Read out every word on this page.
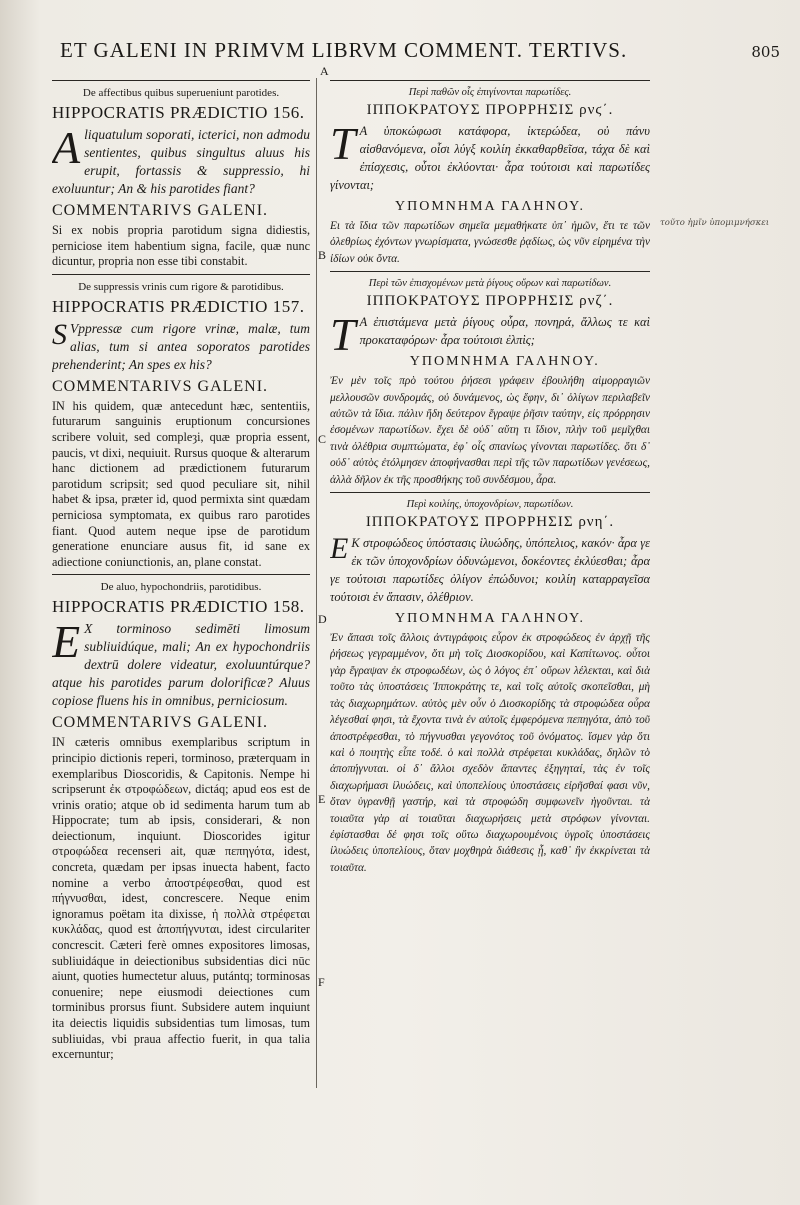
ET GALENI IN PRIMVM LIBRVM COMMENT. TERTIVS.	805
A
B
C
D
E
F
τοῦτο ἡμῖν ὑπομιμνήσκει
De affectibus quibus superueniunt parotides.
HIPPOCRATIS PRÆDICTIO 156.
A liquatulum soporati, icterici, non admodu sentientes, quibus singultus aluus his erupit, fortassis & suppressio, hi exoluuntur; An & his parotides fiant?
COMMENTARIVS GALENI.
Si ex nobis propria parotidum signa didiestis, perniciose item habentium signa, facile, quæ nunc dicuntur, propria non esse tibi constabit.
De suppressis vrinis cum rigore & parotidibus.
HIPPOCRATIS PRÆDICTIO 157.
S Vppressæ cum rigore vrinæ, malæ, tum alias, tum si antea soporatos parotides prehenderint; An spes ex his?
COMMENTARIVS GALENI.
IN his quidem, quæ antecedunt hæc, sententiis, futurarum sanguinis eruptionum concursiones scribere voluit, sed compleȝi, quæ propria essent, paucis, vt dixi, nequiuit. Rursus quoque & alterarum hanc dictionem ad prædictionem futurarum parotidum scripsit; sed quod peculiare sit, nihil habet & ipsa, præter id, quod permixta sint quædam perniciosa symptomata, ex quibus raro parotides fiant. Quod autem neque ipse de parotidum generatione enunciare ausus fit, id sane ex adiectione coniunctionis, an, plane constat.
De aluo, hypochondriis, parotidibus.
HIPPOCRATIS PRÆDICTIO 158.
E X torminoso sedimēti limosum subliuidúque, mali; An ex hypochondriis dextrū dolere videatur, exoluuntúrque? atque his parotides parum dolorificæ? Aluus copiose fluens his in omnibus, perniciosum.
COMMENTARIVS GALENI.
IN cæteris omnibus exemplaribus scriptum in principio dictionis reperi, torminoso, præterquam in exemplaribus Dioscoridis, & Capitonis. Nempe hi scripserunt ἐκ στροφώδεων, dictáq; apud eos est de vrinis oratio; atque ob id sedimenta harum tum ab Hippocrate; tum ab ipsis, considerari, & non deiectionum, inquiunt. Dioscorides igitur στροφώδεα recenseri ait, quæ πεπηγότα, idest, concreta, quædam per ipsas inuecta habent, facto nomine a verbo ἀποστρέφεσθαι, quod est πήγνυσθαι, idest, concrescere. Neque enim ignoramus poëtam ita dixisse, ἡ πολλὰ στρέφεται κυκλάδας, quod est ἀποπήγνυται, idest circulariter concrescit. Cæteri ferè omnes expositores limosas, subliuidáque in deiectionibus subsidentias dici nūc aiunt, quoties humectetur aluus, putántq; torminosas conuenire; nepe eiusmodi deiectiones cum torminibus prorsus fiunt. Subsidere autem inquiunt ita deiectis liquidis subsidentias tum limosas, tum subliuidas, vbi praua affectio fuerit, in qua talia excernuntur;
Περὶ παθῶν οἷς ἐπιγίνονται παρωτίδες.
ΙΠΠΟΚΡΑΤΟΥΣ ΠΡΟΡΡΗΣΙΣ ρνϛ΄.
Τ Α ὑποκώφωσι κατάφορα, ἰκτερώδεα, οὐ πάνυ αἰσθανόμενα, οἷσι λύγξ κοιλίη ἐκκαθαρθεῖσα, τάχα δὲ καὶ ἐπίσχεσις, οὗτοι ἐκλύονται· ἆρα τούτοισι καὶ παρωτίδες γίνονται;
ΥΠΟΜΝΗΜΑ ΓΑΛΗΝΟΥ.
Ει τὰ ἴδια τῶν παρωτίδων σημεῖα μεμαθήκατε ὑπ᾽ ἡμῶν, ἔτι τε τῶν ὀλεθρίως ἐχόντων γνωρίσματα, γνώσεσθε ῥᾳδίως, ὡς νῦν εἰρημένα τὴν ἰδίων οὐκ ὄντα.
Περὶ τῶν ἐπισχομένων μετὰ ῥίγους οὔρων καὶ παρωτίδων.
ΙΠΠΟΚΡΑΤΟΥΣ ΠΡΟΡΡΗΣΙΣ ρνζ΄.
Τ Α ἐπιστάμενα μετὰ ῥίγους οὖρα, πονηρά, ἄλλως τε καὶ προκαταφόρων· ἆρα τούτοισι ἐλπὶς;
ΥΠΟΜΝΗΜΑ ΓΑΛΗΝΟΥ.
Ἐν μὲν τοῖς πρὸ τούτου ῥήσεσι γράφειν ἐβουλήθη αἱμορραγιῶν μελλουσῶν συνδρομάς, οὐ δυνάμενος, ὡς ἔφην, δι᾽ ὀλίγων περιλαβεῖν αὐτῶν τὰ ἴδια. πάλιν ἤδη δεύτερον ἔγραψε ῥῆσιν ταύτην, εἰς πρόρρησιν ἐσομένων παρωτίδων. ἔχει δὲ οὐδ᾽ αὕτη τι ἴδιον, πλὴν τοῦ μεμῖχθαι τινὰ ὀλέθρια συμπτώματα, ἐφ᾽ οἷς σπανίως γίνονται παρωτίδες. ὅτι δ᾽ οὐδ᾽ αὐτὸς ἐτόλμησεν ἀποφήνασθαι περὶ τῆς τῶν παρωτίδων γενέσεως, ἀλλὰ δῆλον ἐκ τῆς προσθήκης τοῦ συνδέσμου, ἆρα.
Περὶ κοιλίης, ὑποχονδρίων, παρωτίδων.
ΙΠΠΟΚΡΑΤΟΥΣ ΠΡΟΡΡΗΣΙΣ ρνη΄.
Ε Κ στροφώδεος ὑπόστασις ἰλυώδης, ὑπόπελιος, κακόν· ἆρα γε ἐκ τῶν ὑποχονδρίων ὀδυνώμενοι, δοκέοντες ἐκλύεσθαι; ἆρα γε τούτοισι παρωτίδες ὀλίγον ἐπώδυνοι; κοιλίη καταρραγεῖσα τούτοισι ἐν ἅπασιν, ὀλέθριον.
ΥΠΟΜΝΗΜΑ ΓΑΛΗΝΟΥ.
Ἐν ἅπασι τοῖς ἄλλοις ἀντιγράφοις εὗρον ἐκ στροφώδεος ἐν ἀρχῇ τῆς ῥήσεως γεγραμμένον, ὅτι μὴ τοῖς Διοσκορίδου, καὶ Καπίτωνος. οὗτοι γὰρ ἔγραψαν ἐκ στροφωδέων, ὡς ὁ λόγος ἐπ᾽ οὔρων λέλεκται, καὶ διὰ τοῦτο τὰς ὑποστάσεις Ἱπποκράτης τε, καὶ τοῖς αὐτοῖς σκοπεῖσθαι, μὴ τὰς διαχωρημάτων. αὐτὸς μὲν οὖν ὁ Διοσκορίδης τὰ στροφώδεα οὖρα λέγεσθαί φησι, τὰ ἔχοντα τινὰ ἐν αὐτοῖς ἐμφερόμενα πεπηγότα, ἀπὸ τοῦ ἀποστρέφεσθαι, τὸ πήγνυσθαι γεγονότος τοῦ ὀνόματος. ἴσμεν γὰρ ὅτι καὶ ὁ ποιητὴς εἶπε τοδέ. ὁ καὶ πολλὰ στρέφεται κυκλάδας, δηλῶν τὸ ἀποπήγνυται. οἱ δ᾽ ἄλλοι σχεδὸν ἅπαντες ἐξηγηταί, τὰς ἐν τοῖς διαχωρήμασι ἰλυώδεις, καὶ ὑποπελίους ὑποστάσεις εἰρῆσθαί φασι νῦν, ὅταν ὑγρανθῇ γαστήρ, καὶ τὰ στροφώδη συμφωνεῖν ἡγοῦνται. τὰ τοιαῦτα γὰρ αἱ τοιαῦται διαχωρήσεις μετὰ στρόφων γίνονται. ἐφίστασθαι δέ φησι τοῖς οὕτω διαχωρουμένοις ὑγροῖς ὑποστάσεις ἰλυώδεις ὑποπελίους, ὅταν μοχθηρὰ διάθεσις ᾖ, καθ᾽ ἣν ἐκκρίνεται τὰ τοιαῦτα.
